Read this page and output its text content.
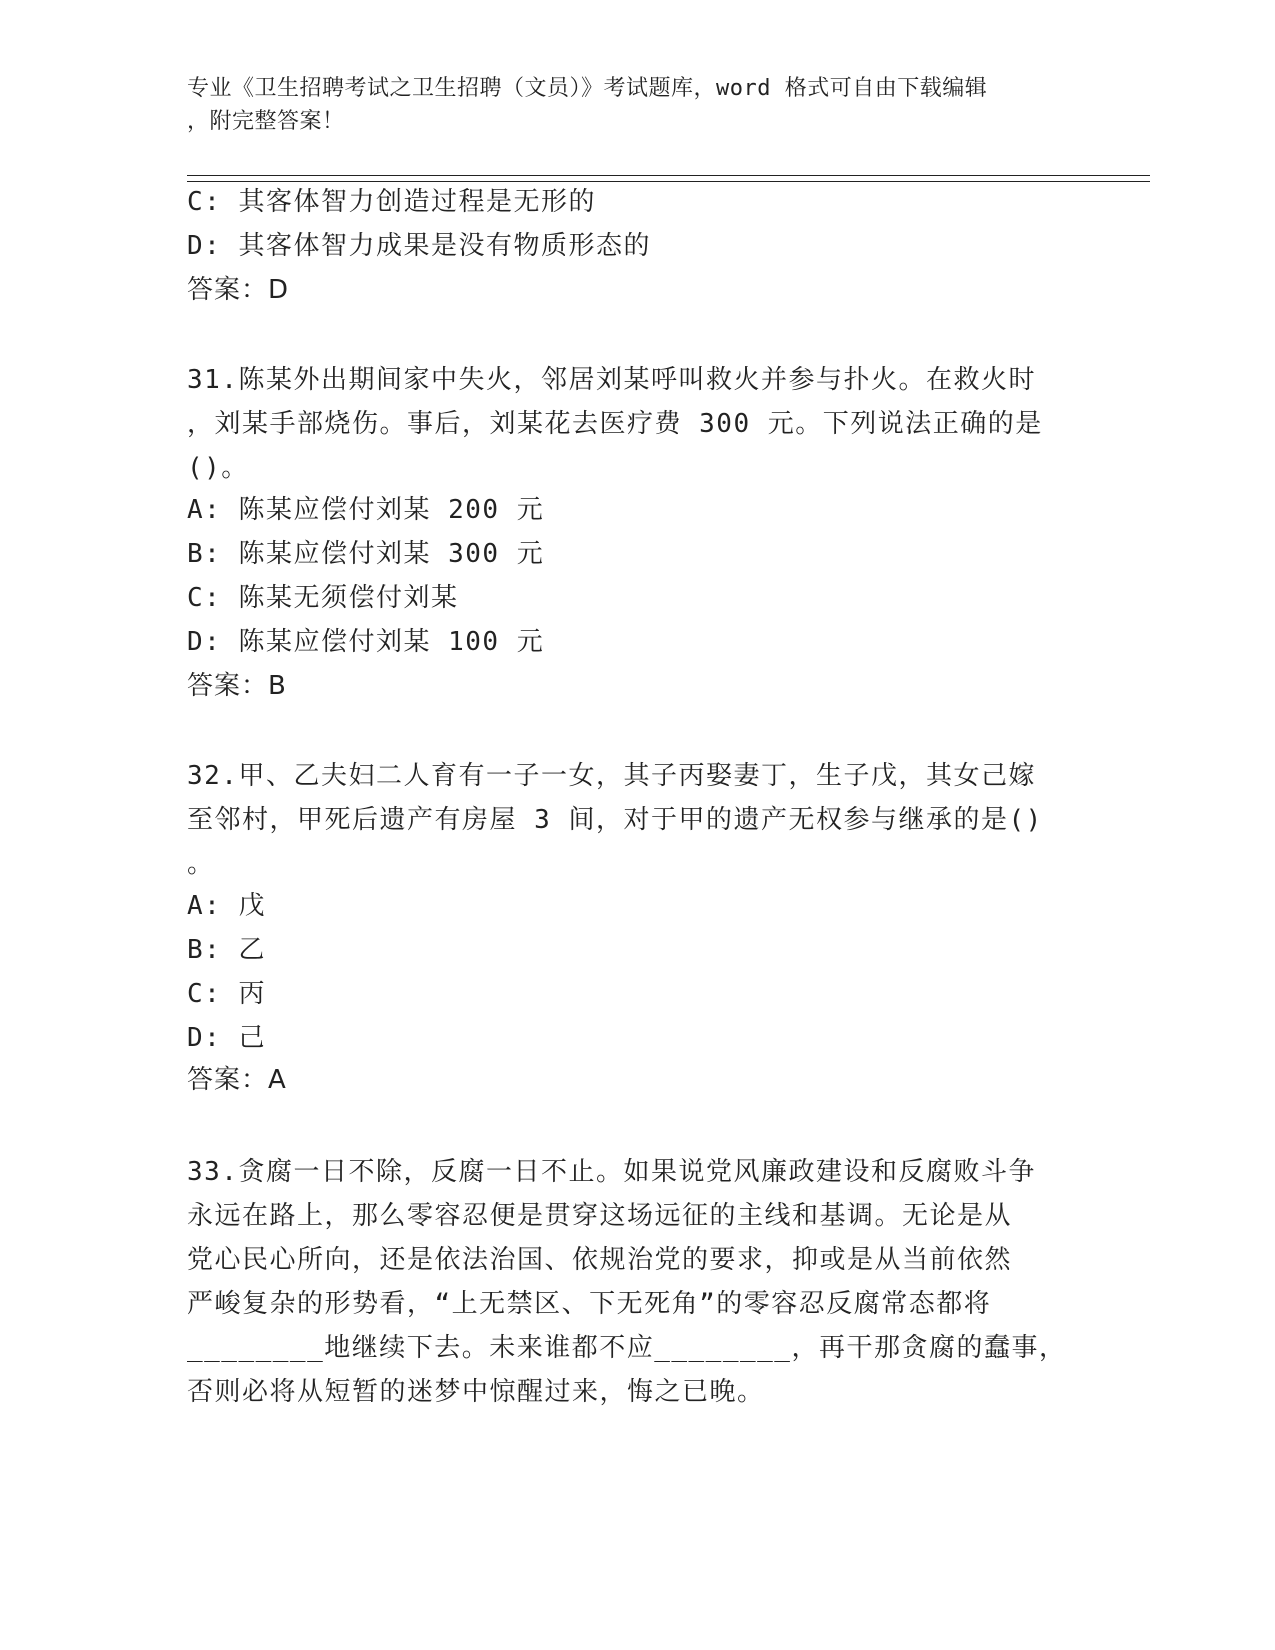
专业《卫生招聘考试之卫生招聘（文员）》考试题库，word 格式可自由下载编辑
，附完整答案！
C: 其客体智力创造过程是无形的
D: 其客体智力成果是没有物质形态的
答案：D
31.陈某外出期间家中失火，邻居刘某呼叫救火并参与扑火。在救火时
，刘某手部烧伤。事后，刘某花去医疗费 300 元。下列说法正确的是
()。
A: 陈某应偿付刘某 200 元
B: 陈某应偿付刘某 300 元
C: 陈某无须偿付刘某
D: 陈某应偿付刘某 100 元
答案：B
32.甲、乙夫妇二人育有一子一女，其子丙娶妻丁，生子戊，其女己嫁
至邻村，甲死后遗产有房屋 3 间，对于甲的遗产无权参与继承的是()
。
A: 戊
B: 乙
C: 丙
D: 己
答案：A
33.贪腐一日不除，反腐一日不止。如果说党风廉政建设和反腐败斗争
永远在路上，那么零容忍便是贯穿这场远征的主线和基调。无论是从
党心民心所向，还是依法治国、依规治党的要求，抑或是从当前依然
严峻复杂的形势看，“上无禁区、下无死角”的零容忍反腐常态都将
________地继续下去。未来谁都不应________，再干那贪腐的蠢事，
否则必将从短暂的迷梦中惊醒过来，悔之已晚。
